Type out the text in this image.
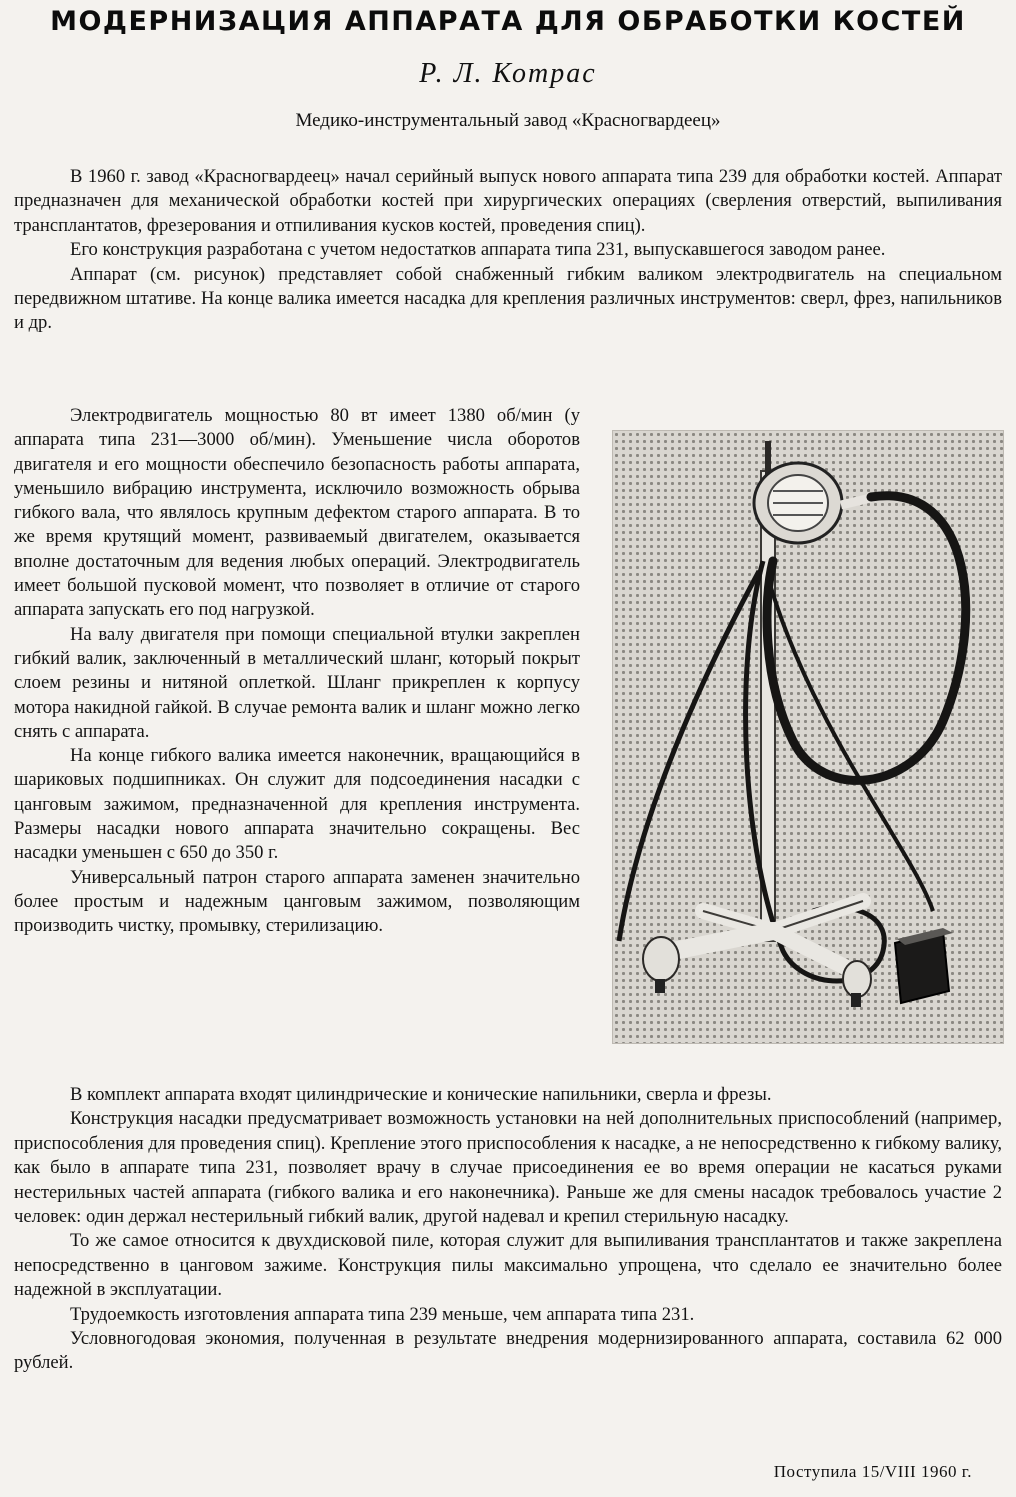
МОДЕРНИЗАЦИЯ АППАРАТА ДЛЯ ОБРАБОТКИ КОСТЕЙ
Р. Л. Котрас
Медико-инструментальный завод «Красногвардеец»

В 1960 г. завод «Красногвардеец» начал серийный выпуск нового аппарата типа 239 для обработки костей. Аппарат предназначен для механической обработки костей при хирургических операциях (сверления отверстий, выпиливания трансплантатов, фрезерования и отпиливания кусков костей, проведения спиц).

Его конструкция разработана с учетом недостатков аппарата типа 231, выпускавшегося заводом ранее.

Аппарат (см. рисунок) представляет собой снабженный гибким валиком электродвигатель на специальном передвижном штативе. На конце валика имеется насадка для крепления различных инструментов: сверл, фрез, напильников и др.

Электродвигатель мощностью 80 вт имеет 1380 об/мин (у аппарата типа 231—3000 об/мин). Уменьшение числа оборотов двигателя и его мощности обеспечило безопасность работы аппарата, уменьшило вибрацию инструмента, исключило возможность обрыва гибкого вала, что являлось крупным дефектом старого аппарата. В то же время крутящий момент, развиваемый двигателем, оказывается вполне достаточным для ведения любых операций. Электродвигатель имеет большой пусковой момент, что позволяет в отличие от старого аппарата запускать его под нагрузкой.

На валу двигателя при помощи специальной втулки закреплен гибкий валик, заключенный в металлический шланг, который покрыт слоем резины и нитяной оплеткой. Шланг прикреплен к корпусу мотора накидной гайкой. В случае ремонта валик и шланг можно легко снять с аппарата.

На конце гибкого валика имеется наконечник, вращающийся в шариковых подшипниках. Он служит для подсоединения насадки с цанговым зажимом, предназначенной для крепления инструмента. Размеры насадки нового аппарата значительно сокращены. Вес насадки уменьшен с 650 до 350 г.

Универсальный патрон старого аппарата заменен значительно более простым и надежным цанговым зажимом, позволяющим производить чистку, промывку, стерилизацию.

В комплект аппарата входят цилиндрические и конические напильники, сверла и фрезы.

Конструкция насадки предусматривает возможность установки на ней дополнительных приспособлений (например, приспособления для проведения спиц). Крепление этого приспособления к насадке, а не непосредственно к гибкому валику, как было в аппарате типа 231, позволяет врачу в случае присоединения ее во время операции не касаться руками нестерильных частей аппарата (гибкого валика и его наконечника). Раньше же для смены насадок требовалось участие 2 человек: один держал нестерильный гибкий валик, другой надевал и крепил стерильную насадку.

То же самое относится к двухдисковой пиле, которая служит для выпиливания трансплантатов и также закреплена непосредственно в цанговом зажиме. Конструкция пилы максимально упрощена, что сделало ее значительно более надежной в эксплуатации.

Трудоемкость изготовления аппарата типа 239 меньше, чем аппарата типа 231.

Условногодовая экономия, полученная в результате внедрения модернизированного аппарата, составила 62 000 рублей.

Поступила 15/VIII 1960 г.
